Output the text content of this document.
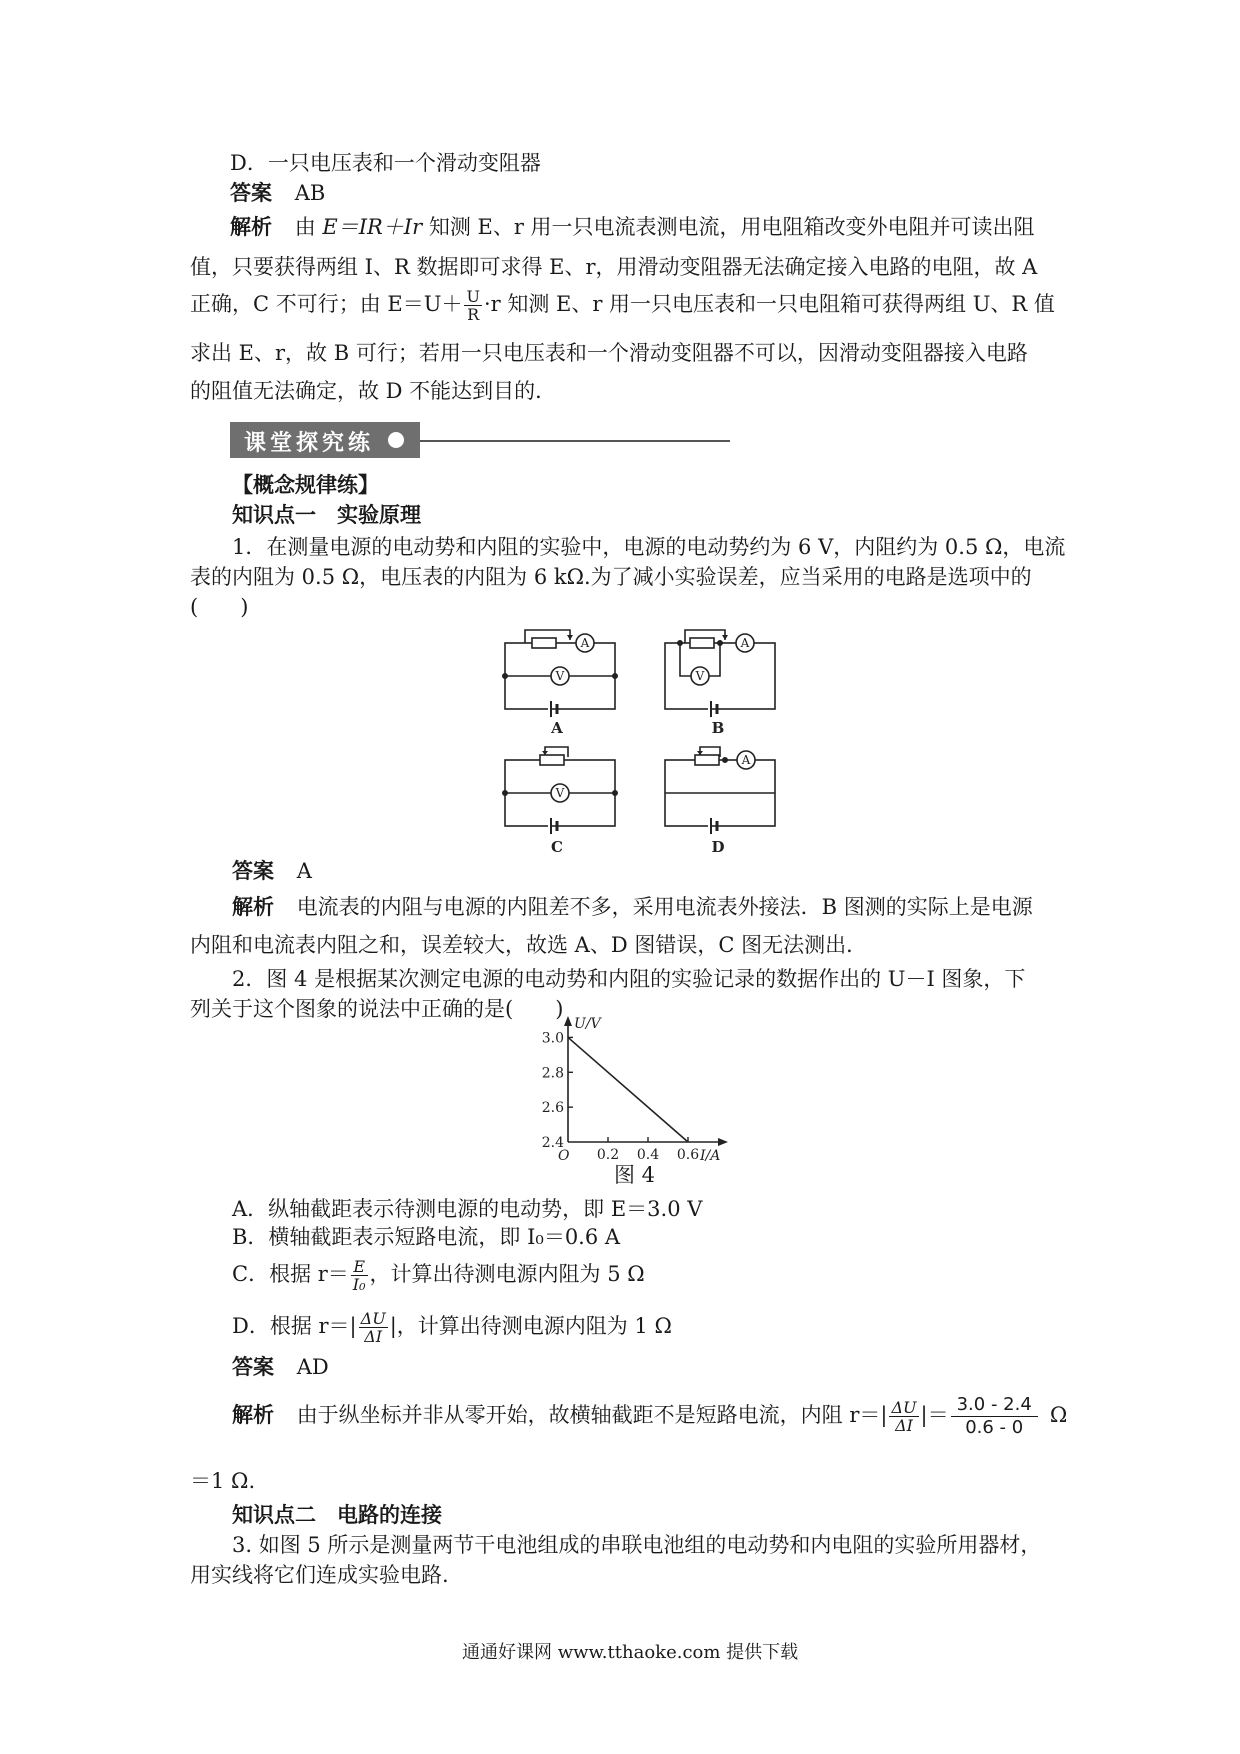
D．一只电压表和一个滑动变阻器
答案 AB
解析 由 E＝IR＋Ir 知测 E、r 用一只电流表测电流，用电阻箱改变外电阻并可读出阻
值，只要获得两组 I、R 数据即可求得 E、r，用滑动变阻器无法确定接入电路的电阻，故 A
正确，C 不可行；由 $E=U+ \frac{U}{R} \cdot r$ 知测 E、r 用一只电压表和一只电阻箱可获得两组 U、R 值
求出 E、r，故 B 可行；若用一只电压表和一个滑动变阻器不可以，因滑动变阻器接入电路
的阻值无法确定，故 D 不能达到目的．
课堂探究练
【概念规律练】
知识点一　实验原理
1．在测量电源的电动势和内阻的实验中，电源的电动势约为 6 V，内阻约为 0.5 Ω，电流
表的内阻为 0.5 Ω，电压表的内阻为 6 kΩ.为了减小实验误差，应当采用的电路是选项中的
(　　)
A
V
A
V
V
A
A	B
C	D
答案 A
解析 电流表的内阻与电源的内阻差不多，采用电流表外接法．B 图测的实际上是电源
内阻和电流表内阻之和，误差较大，故选 A、D 图错误，C 图无法测出．
2．图 4 是根据某次测定电源的电动势和内阻的实验记录的数据作出的 U－I 图象，下
列关于这个图象的说法中正确的是(　　)
U/V
I/A
O 0.2 0.4 0.6
2.4
2.6
2.8
3.0
图 4
A．纵轴截距表示待测电源的电动势，即 E＝3.0 V
B．横轴截距表示短路电流，即 I₀＝0.6 A
C．根据 $r= \frac{E}{\text{I₀}}$ ，计算出待测电源内阻为 5 Ω
D．根据 $r=| \frac{\Delta U}{\Delta I}$ |，计算出待测电源内阻为 1 Ω
答案 AD
解析 由于纵坐标并非从零开始，故横轴截距不是短路电流，内阻 $r=| \frac{\Delta U}{\Delta I}$ |＝ $\frac{3.0 - 2.4}{0.6 - 0}$ Ω
＝1 Ω.
知识点二　电路的连接
3. 如图 5 所示是测量两节干电池组成的串联电池组的电动势和内电阻的实验所用器材，
用实线将它们连成实验电路.
通通好课网 www.tthaoke.com 提供下载
